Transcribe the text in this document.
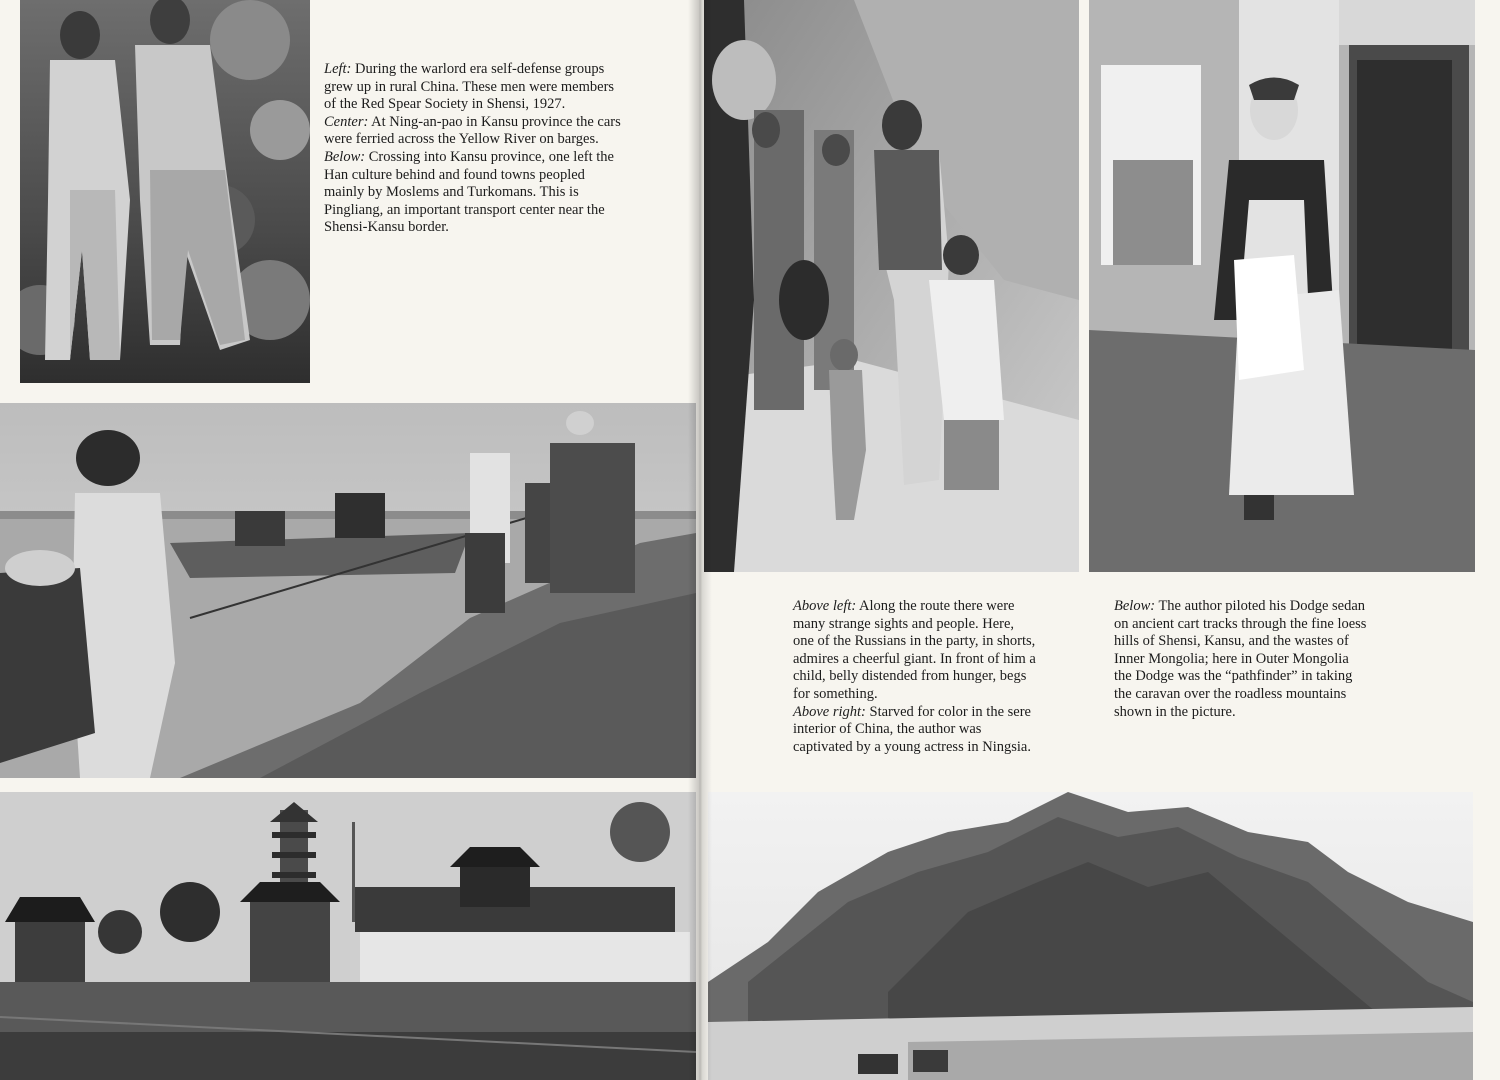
Left: During the warlord era self-defense groups grew up in rural China. These men were members of the Red Spear Society in Shensi, 1927.

Center: At Ning-an-pao in Kansu province the cars were ferried across the Yellow River on barges.

Below: Crossing into Kansu province, one left the Han culture behind and found towns peopled mainly by Moslems and Turkomans. This is Pingliang, an important transport center near the Shensi-Kansu border.

Above left: Along the route there were many strange sights and people. Here, one of the Russians in the party, in shorts, admires a cheerful giant. In front of him a child, belly distended from hunger, begs for something.

Above right: Starved for color in the sere interior of China, the author was captivated by a young actress in Ningsia.

Below: The author piloted his Dodge sedan on ancient cart tracks through the fine loess hills of Shensi, Kansu, and the wastes of Inner Mongolia; here in Outer Mongolia the Dodge was the “pathfinder” in taking the caravan over the roadless mountains shown in the picture.
